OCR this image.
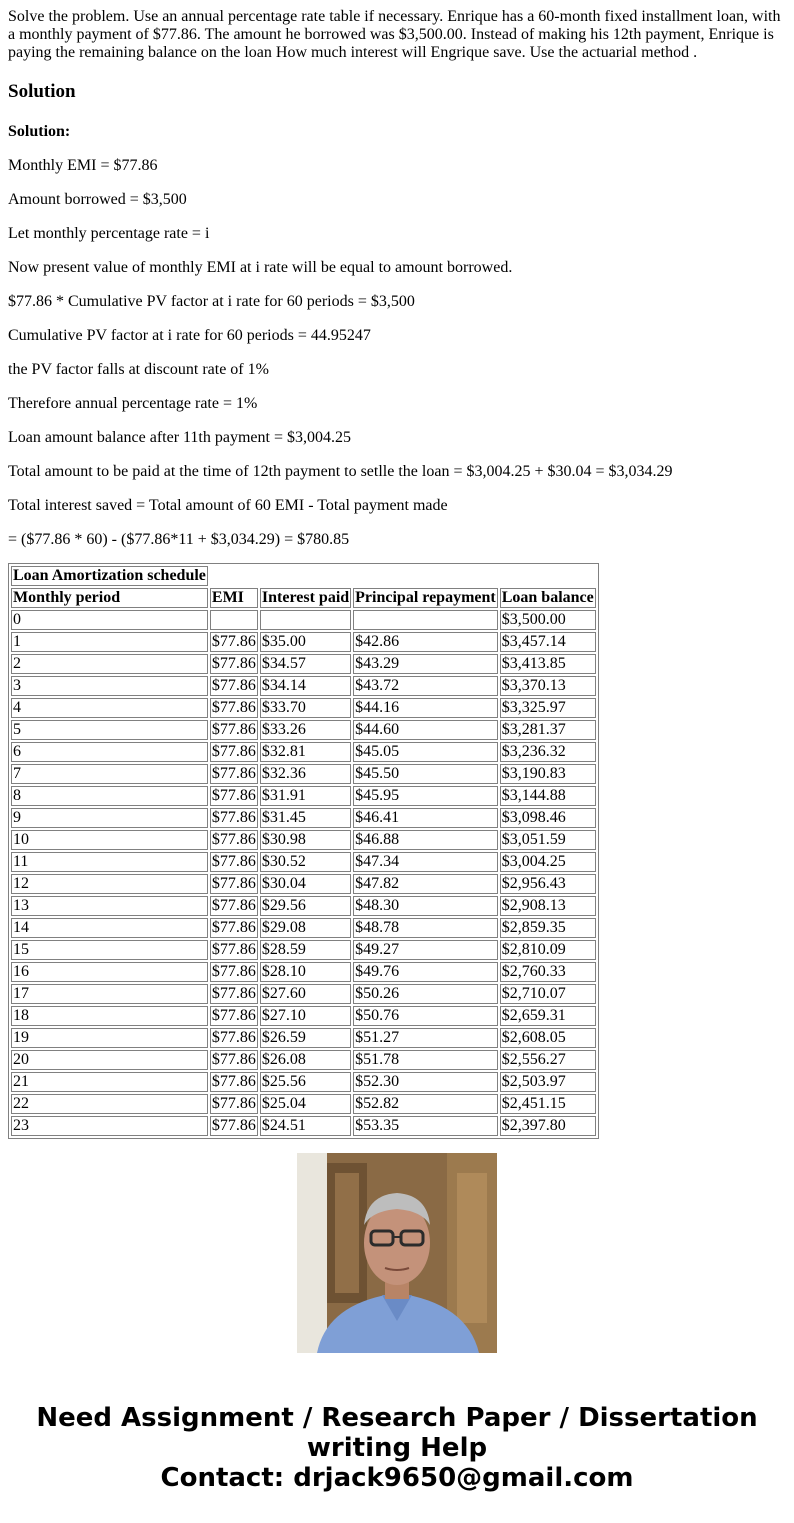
Solve the problem. Use an annual percentage rate table if necessary. Enrique has a 60-month fixed installment loan, with a monthly payment of $77.86. The amount he borrowed was $3,500.00. Instead of making his 12th payment, Enrique is paying the remaining balance on the loan How much interest will Engrique save. Use the actuarial method .

Solution

Solution:

Monthly EMI = $77.86

Amount borrowed = $3,500

Let monthly percentage rate = i

Now present value of monthly EMI at i rate will be equal to amount borrowed.

$77.86 * Cumulative PV factor at i rate for 60 periods = $3,500

Cumulative PV factor at i rate for 60 periods = 44.95247

the PV factor falls at discount rate of 1%

Therefore annual percentage rate = 1%

Loan amount balance after 11th payment = $3,004.25

Total amount to be paid at the time of 12th payment to setlle the loan = $3,004.25 + $30.04 = $3,034.29

Total interest saved = Total amount of 60 EMI - Total payment made

= ($77.86 * 60) - ($77.86*11 + $3,034.29) = $780.85

Loan Amortization schedule				
Monthly period	EMI	Interest paid	Principal repayment	Loan balance
0				$3,500.00
1	$77.86	$35.00	$42.86	$3,457.14
2	$77.86	$34.57	$43.29	$3,413.85
3	$77.86	$34.14	$43.72	$3,370.13
4	$77.86	$33.70	$44.16	$3,325.97
5	$77.86	$33.26	$44.60	$3,281.37
6	$77.86	$32.81	$45.05	$3,236.32
7	$77.86	$32.36	$45.50	$3,190.83
8	$77.86	$31.91	$45.95	$3,144.88
9	$77.86	$31.45	$46.41	$3,098.46
10	$77.86	$30.98	$46.88	$3,051.59
11	$77.86	$30.52	$47.34	$3,004.25
12	$77.86	$30.04	$47.82	$2,956.43
13	$77.86	$29.56	$48.30	$2,908.13
14	$77.86	$29.08	$48.78	$2,859.35
15	$77.86	$28.59	$49.27	$2,810.09
16	$77.86	$28.10	$49.76	$2,760.33
17	$77.86	$27.60	$50.26	$2,710.07
18	$77.86	$27.10	$50.76	$2,659.31
19	$77.86	$26.59	$51.27	$2,608.05
20	$77.86	$26.08	$51.78	$2,556.27
21	$77.86	$25.56	$52.30	$2,503.97
22	$77.86	$25.04	$52.82	$2,451.15
23	$77.86	$24.51	$53.35	$2,397.80
Need Assignment / Research Paper / Dissertation
writing Help
Contact: drjack9650@gmail.com
